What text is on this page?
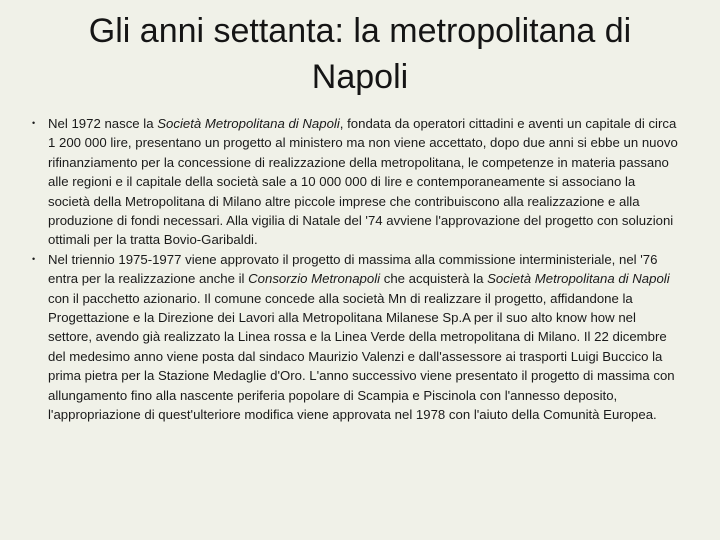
Gli anni settanta: la metropolitana di Napoli
• Nel 1972 nasce la Società Metropolitana di Napoli, fondata da operatori cittadini e aventi un capitale di circa 1 200 000 lire, presentano un progetto al ministero ma non viene accettato, dopo due anni si ebbe un nuovo rifinanziamento per la concessione di realizzazione della metropolitana, le competenze in materia passano alle regioni e il capitale della società sale a 10 000 000 di lire e contemporaneamente si associano la società della Metropolitana di Milano altre piccole imprese che contribuiscono alla realizzazione e alla produzione di fondi necessari. Alla vigilia di Natale del '74 avviene l'approvazione del progetto con soluzioni ottimali per la tratta Bovio-Garibaldi.
• Nel triennio 1975-1977 viene approvato il progetto di massima alla commissione interministeriale, nel '76 entra per la realizzazione anche il Consorzio Metronapoli che acquisterà la Società Metropolitana di Napoli con il pacchetto azionario. Il comune concede alla società Mn di realizzare il progetto, affidandone la Progettazione e la Direzione dei Lavori alla Metropolitana Milanese Sp.A per il suo alto know how nel settore, avendo già realizzato la Linea rossa e la Linea Verde della metropolitana di Milano. Il 22 dicembre del medesimo anno viene posta dal sindaco Maurizio Valenzi e dall'assessore ai trasporti Luigi Buccico la prima pietra per la Stazione Medaglie d'Oro. L'anno successivo viene presentato il progetto di massima con allungamento fino alla nascente periferia popolare di Scampia e Piscinola con l'annesso deposito, l'appropriazione di quest'ulteriore modifica viene approvata nel 1978 con l'aiuto della Comunità Europea.
